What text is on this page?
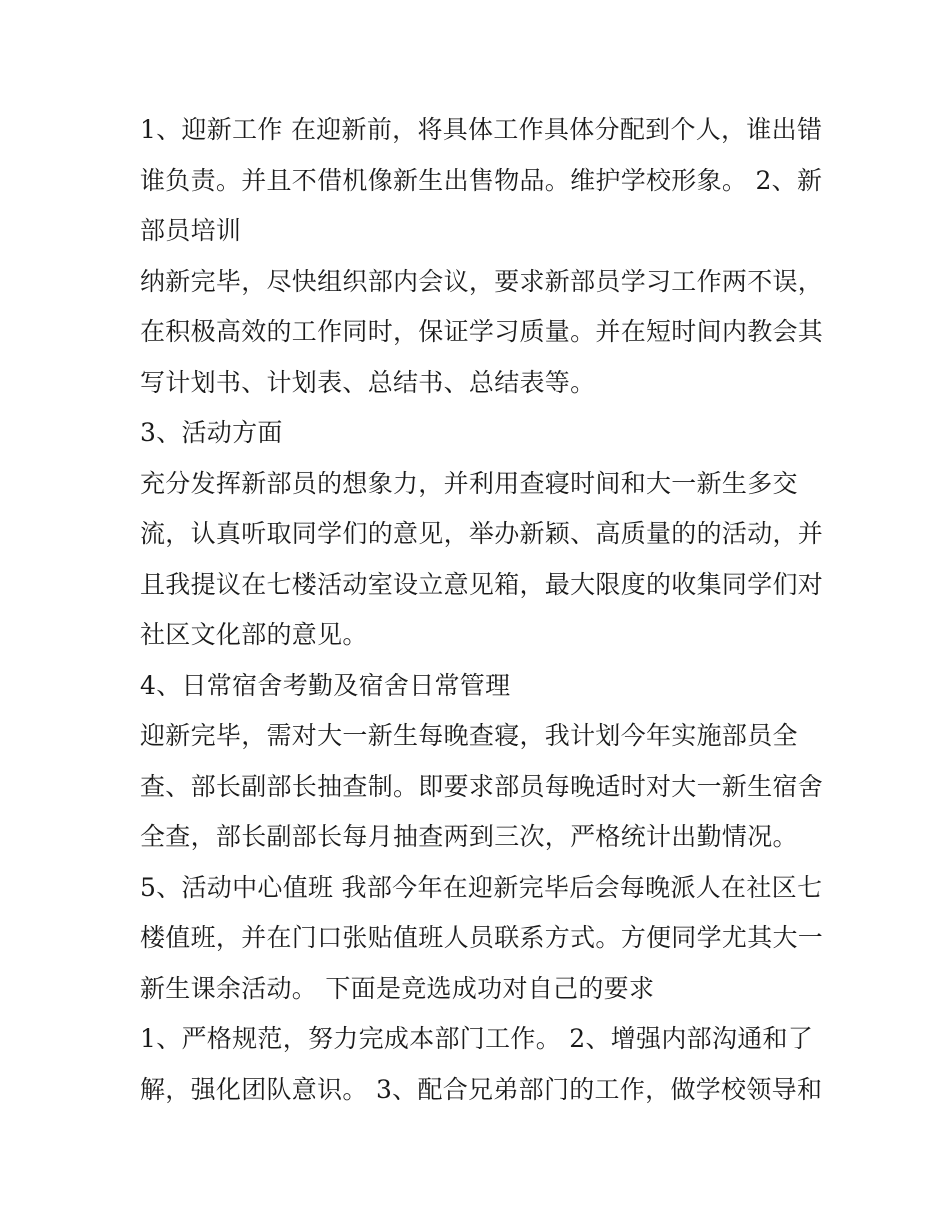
1、迎新工作 在迎新前，将具体工作具体分配到个人，谁出错
谁负责。并且不借机像新生出售物品。维护学校形象。 2、新
部员培训
纳新完毕，尽快组织部内会议，要求新部员学习工作两不误，
在积极高效的工作同时，保证学习质量。并在短时间内教会其
写计划书、计划表、总结书、总结表等。
3、活动方面
充分发挥新部员的想象力，并利用查寝时间和大一新生多交
流，认真听取同学们的意见，举办新颖、高质量的的活动，并
且我提议在七楼活动室设立意见箱，最大限度的收集同学们对
社区文化部的意见。
4、日常宿舍考勤及宿舍日常管理
迎新完毕，需对大一新生每晚查寝，我计划今年实施部员全
查、部长副部长抽查制。即要求部员每晚适时对大一新生宿舍
全查，部长副部长每月抽查两到三次，严格统计出勤情况。
5、活动中心值班 我部今年在迎新完毕后会每晚派人在社区七
楼值班，并在门口张贴值班人员联系方式。方便同学尤其大一
新生课余活动。 下面是竞选成功对自己的要求
1、严格规范，努力完成本部门工作。 2、增强内部沟通和了
解，强化团队意识。 3、配合兄弟部门的工作，做学校领导和
